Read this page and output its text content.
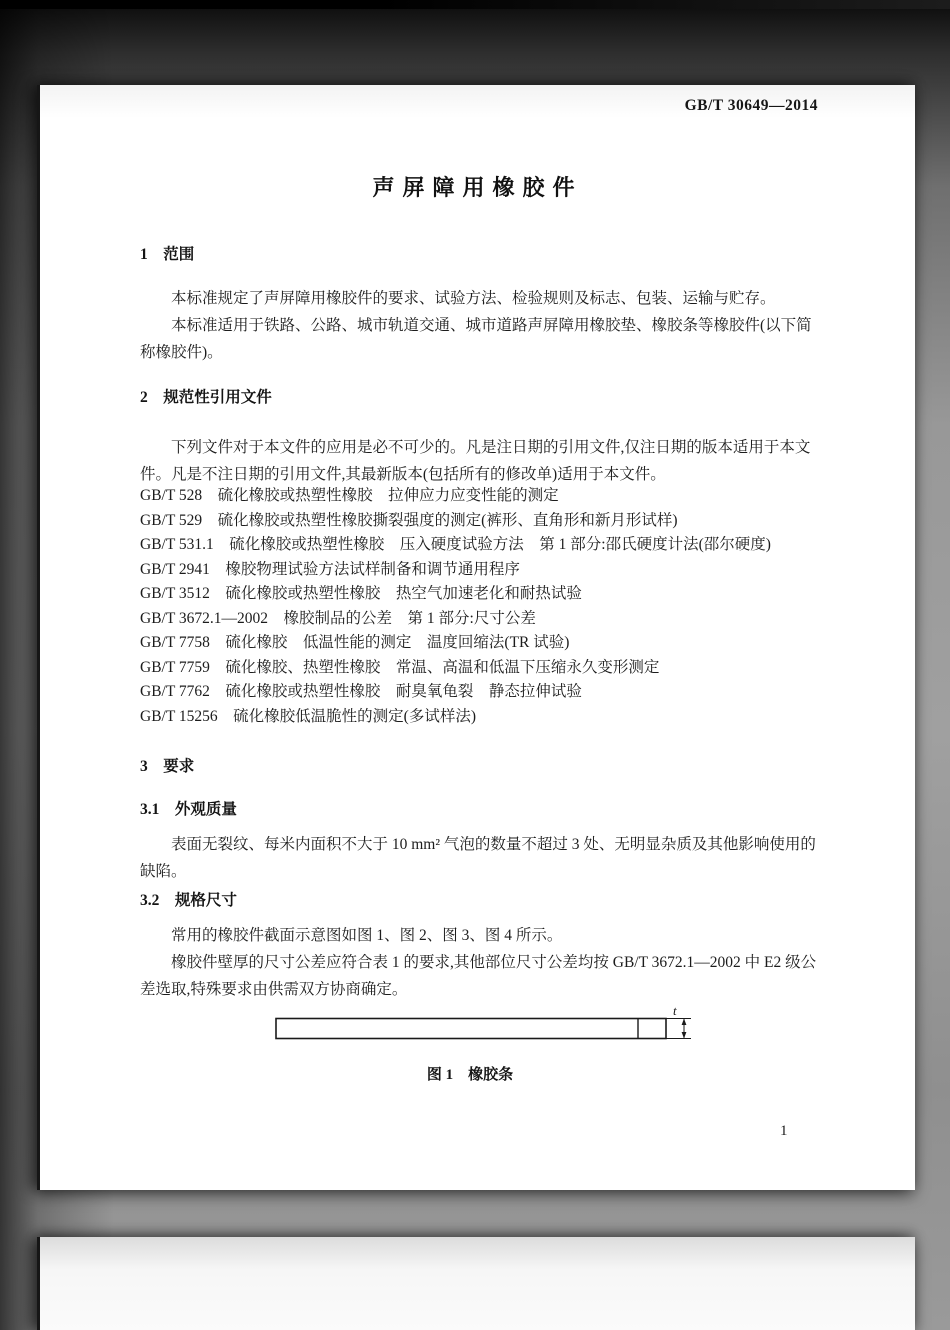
GB/T 30649—2014
声屏障用橡胶件
1　范围
本标准规定了声屏障用橡胶件的要求、试验方法、检验规则及标志、包装、运输与贮存。
本标准适用于铁路、公路、城市轨道交通、城市道路声屏障用橡胶垫、橡胶条等橡胶件(以下简称橡胶件)。
2　规范性引用文件
下列文件对于本文件的应用是必不可少的。凡是注日期的引用文件,仅注日期的版本适用于本文件。凡是不注日期的引用文件,其最新版本(包括所有的修改单)适用于本文件。
GB/T 528　硫化橡胶或热塑性橡胶　拉伸应力应变性能的测定
GB/T 529　硫化橡胶或热塑性橡胶撕裂强度的测定(裤形、直角形和新月形试样)
GB/T 531.1　硫化橡胶或热塑性橡胶　压入硬度试验方法　第 1 部分:邵氏硬度计法(邵尔硬度)
GB/T 2941　橡胶物理试验方法试样制备和调节通用程序
GB/T 3512　硫化橡胶或热塑性橡胶　热空气加速老化和耐热试验
GB/T 3672.1—2002　橡胶制品的公差　第 1 部分:尺寸公差
GB/T 7758　硫化橡胶　低温性能的测定　温度回缩法(TR 试验)
GB/T 7759　硫化橡胶、热塑性橡胶　常温、高温和低温下压缩永久变形测定
GB/T 7762　硫化橡胶或热塑性橡胶　耐臭氧龟裂　静态拉伸试验
GB/T 15256　硫化橡胶低温脆性的测定(多试样法)
3　要求
3.1　外观质量
表面无裂纹、每米内面积不大于 10 mm² 气泡的数量不超过 3 处、无明显杂质及其他影响使用的缺陷。
3.2　规格尺寸
常用的橡胶件截面示意图如图 1、图 2、图 3、图 4 所示。
橡胶件壁厚的尺寸公差应符合表 1 的要求,其他部位尺寸公差均按 GB/T 3672.1—2002 中 E2 级公差选取,特殊要求由供需双方协商确定。
t
图 1　橡胶条
1
